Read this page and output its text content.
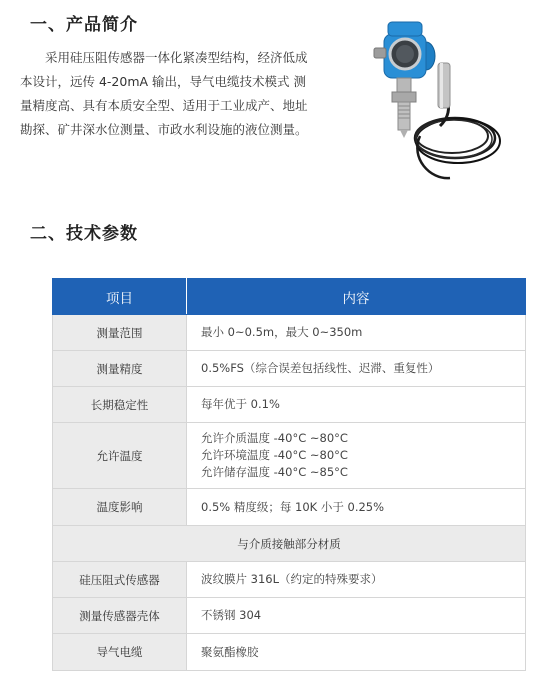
一、产品简介
采用硅压阻传感器一体化紧凑型结构，经济低成
本设计，远传 4-20mA 输出，导气电缆技术模式 测
量精度高、具有本质安全型、适用于工业成产、地址
勘探、矿井深水位测量、市政水利设施的液位测量。
二、技术参数
项目	内容
测量范围	最小 0~0.5m，最大 0~350m

测量精度	0.5%FS（综合误差包括线性、迟滞、重复性）

长期稳定性	每年优于 0.1%

允许温度	允许介质温度 -40°C ~80°C
允许环境温度 -40°C ~80°C
允许储存温度 -40°C ~85°C

温度影响	0.5% 精度级；每 10K 小于 0.25%

与介质接触部分材质	
硅压阻式传感器	波纹膜片 316L（约定的特殊要求）

测量传感器壳体	不锈钢 304

导气电缆	聚氨酯橡胶
